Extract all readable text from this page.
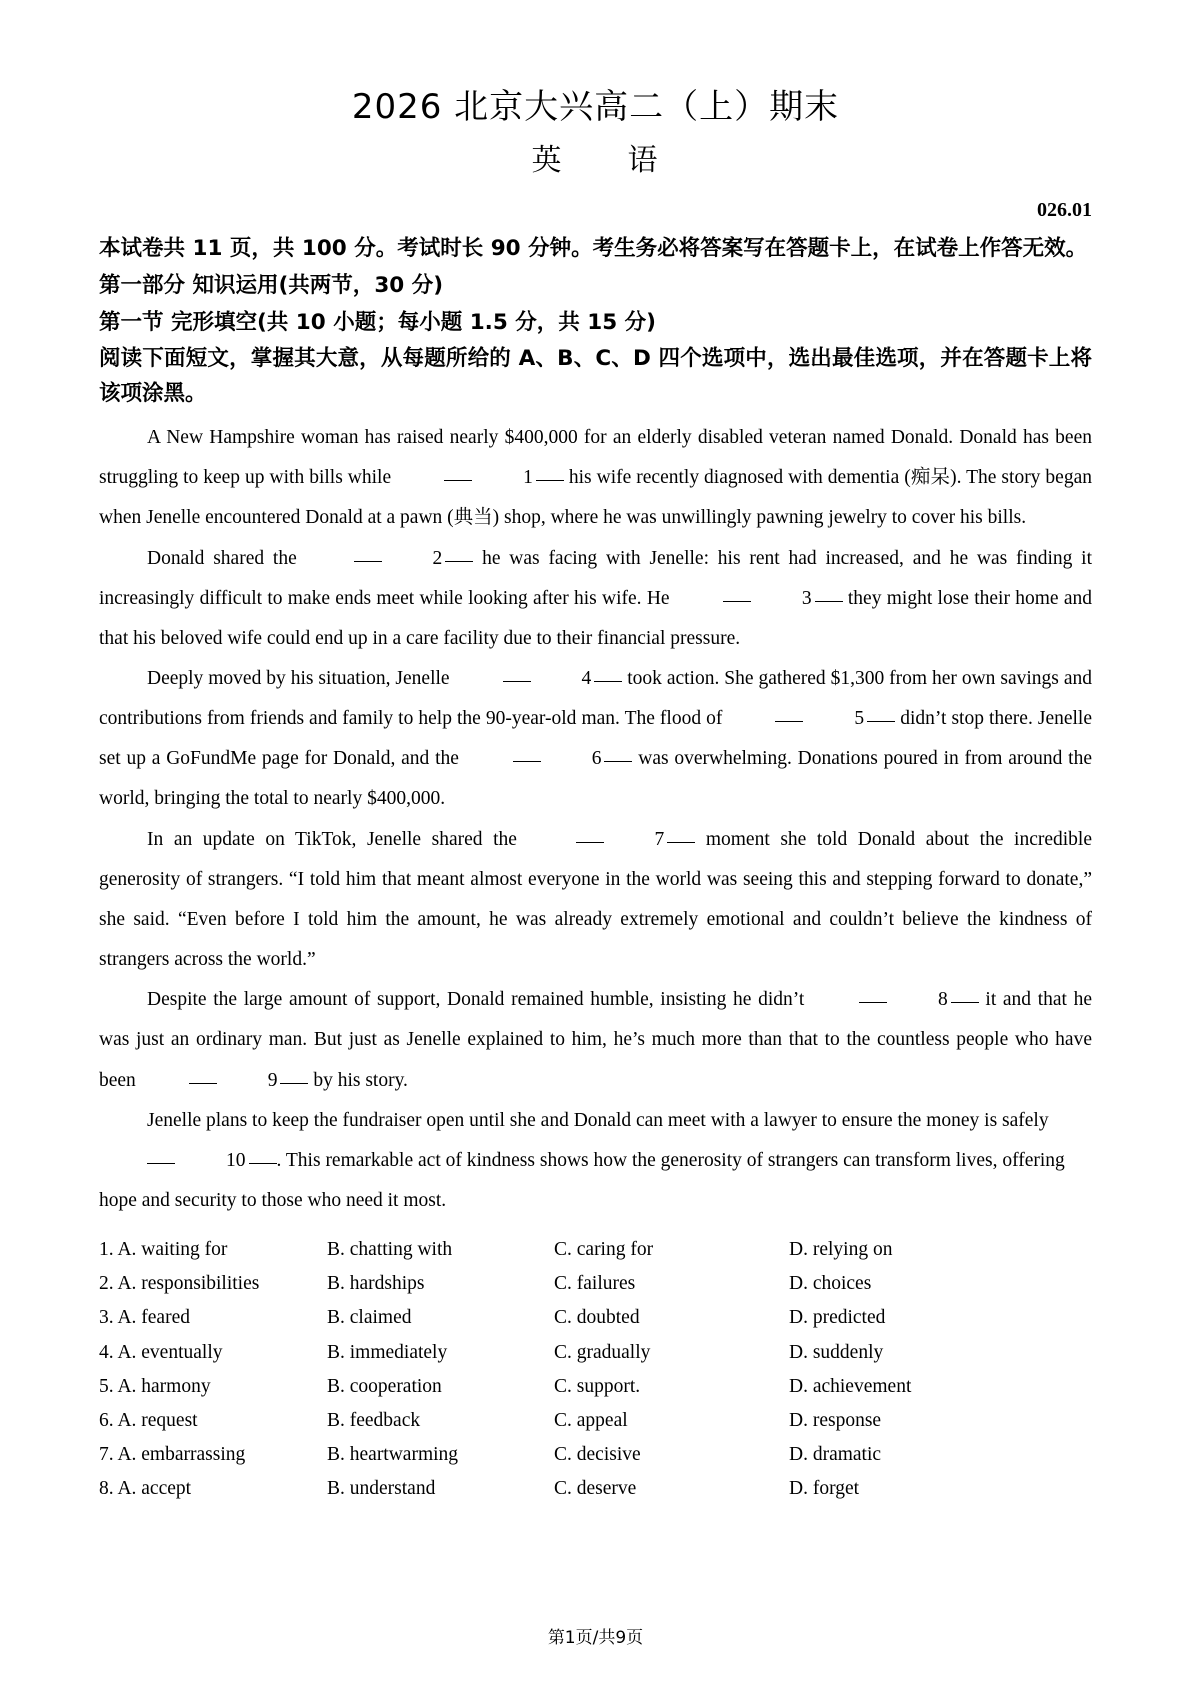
2026 北京大兴高二（上）期末
英　　语
026.01

本试卷共 11 页，共 100 分。考试时长 90 分钟。考生务必将答案写在答题卡上，在试卷上作答无效。

第一部分 知识运用(共两节，30 分)

第一节 完形填空(共 10 小题；每小题 1.5 分，共 15 分)

阅读下面短文，掌握其大意，从每题所给的 A、B、C、D 四个选项中，选出最佳选项，并在答题卡上将该项涂黑。

A New Hampshire woman has raised nearly $400,000 for an elderly disabled veteran named Donald. Donald has been struggling to keep up with bills while	1 his wife recently diagnosed with dementia (痴呆). The story began when Jenelle encountered Donald at a pawn (典当) shop, where he was unwillingly pawning jewelry to cover his bills.

Donald shared the	2 he was facing with Jenelle: his rent had increased, and he was finding it increasingly difficult to make ends meet while looking after his wife. He	3 they might lose their home and that his beloved wife could end up in a care facility due to their financial pressure.

Deeply moved by his situation, Jenelle	4 took action. She gathered $1,300 from her own savings and contributions from friends and family to help the 90-year-old man. The flood of	5 didn’t stop there. Jenelle set up a GoFundMe page for Donald, and the	6 was overwhelming. Donations poured in from around the world, bringing the total to nearly $400,000.

In an update on TikTok, Jenelle shared the	7 moment she told Donald about the incredible generosity of strangers. “I told him that meant almost everyone in the world was seeing this and stepping forward to donate,” she said. “Even before I told him the amount, he was already extremely emotional and couldn’t believe the kindness of strangers across the world.”

Despite the large amount of support, Donald remained humble, insisting he didn’t	8 it and that he was just an ordinary man. But just as Jenelle explained to him, he’s much more than that to the countless people who have been	9 by his story.

Jenelle plans to keep the fundraiser open until she and Donald can meet with a lawyer to ensure the money is safely 10 . This remarkable act of kindness shows how the generosity of strangers can transform lives, offering hope and security to those who need it most.

1. A. waiting for	B. chatting with	C. caring for	D. relying on
2. A. responsibilities	B. hardships	C. failures	D. choices
3. A. feared	B. claimed	C. doubted	D. predicted
4. A. eventually	B. immediately	C. gradually	D. suddenly
5. A. harmony	B. cooperation	C. support.	D. achievement
6. A. request	B. feedback	C. appeal	D. response
7. A. embarrassing	B. heartwarming	C. decisive	D. dramatic
8. A. accept	B. understand	C. deserve	D. forget
第1页/共9页
